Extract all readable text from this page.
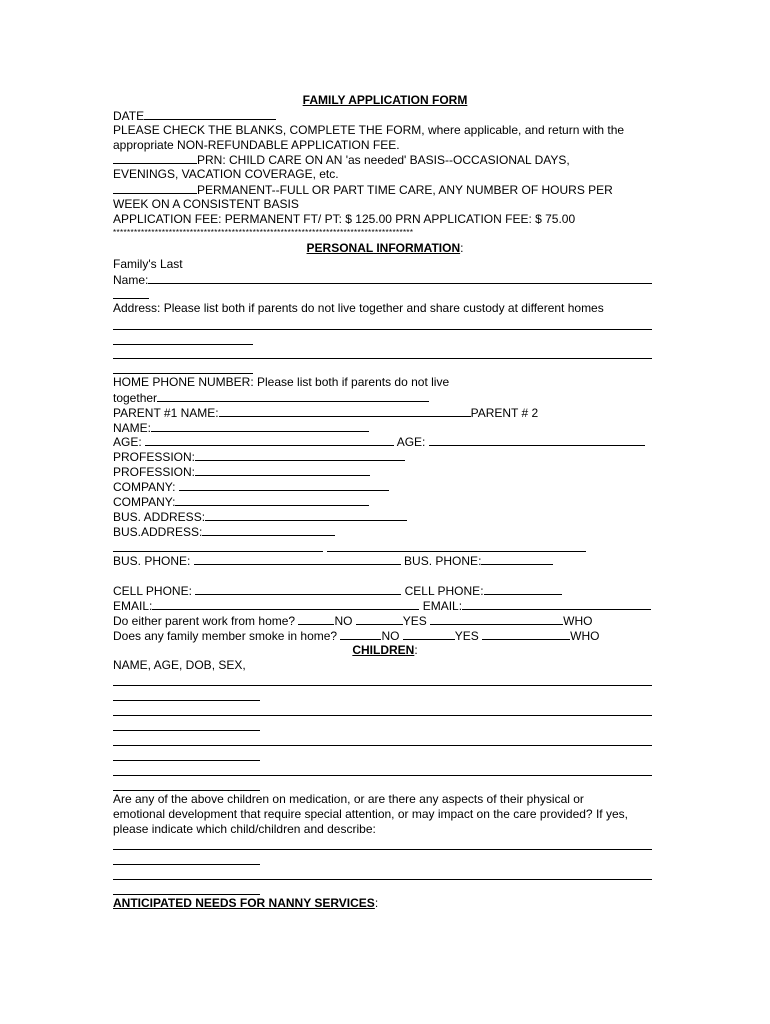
FAMILY APPLICATION FORM
DATE
PLEASE CHECK THE BLANKS, COMPLETE THE FORM, where applicable, and return with the
appropriate NON-REFUNDABLE APPLICATION FEE.
PRN: CHILD CARE ON AN 'as needed' BASIS--OCCASIONAL DAYS,
EVENINGS, VACATION COVERAGE, etc.
PERMANENT--FULL OR PART TIME CARE, ANY NUMBER OF HOURS PER
WEEK ON A CONSISTENT BASIS
APPLICATION FEE: PERMANENT FT/ PT: $ 125.00 PRN APPLICATION FEE: $ 75.00
**************************************************************************************
PERSONAL INFORMATION:
Family's Last
Name:
Address: Please list both if parents do not live together and share custody at different homes
HOME PHONE NUMBER: Please list both if parents do not live
together
PARENT #1 NAME:	PARENT # 2
NAME:
AGE:	AGE:
PROFESSION:
PROFESSION:
COMPANY:
COMPANY:
BUS. ADDRESS:
BUS.ADDRESS:
BUS. PHONE:	BUS. PHONE:
CELL PHONE:	CELL PHONE:
EMAIL:	EMAIL:
Do either parent work from home?	NO	YES	WHO
Does any family member smoke in home?	NO	YES	WHO
CHILDREN:
NAME, AGE, DOB, SEX,
Are any of the above children on medication, or are there any aspects of their physical or
emotional development that require special attention, or may impact on the care provided? If yes,
please indicate which child/children and describe:
ANTICIPATED NEEDS FOR NANNY SERVICES:
